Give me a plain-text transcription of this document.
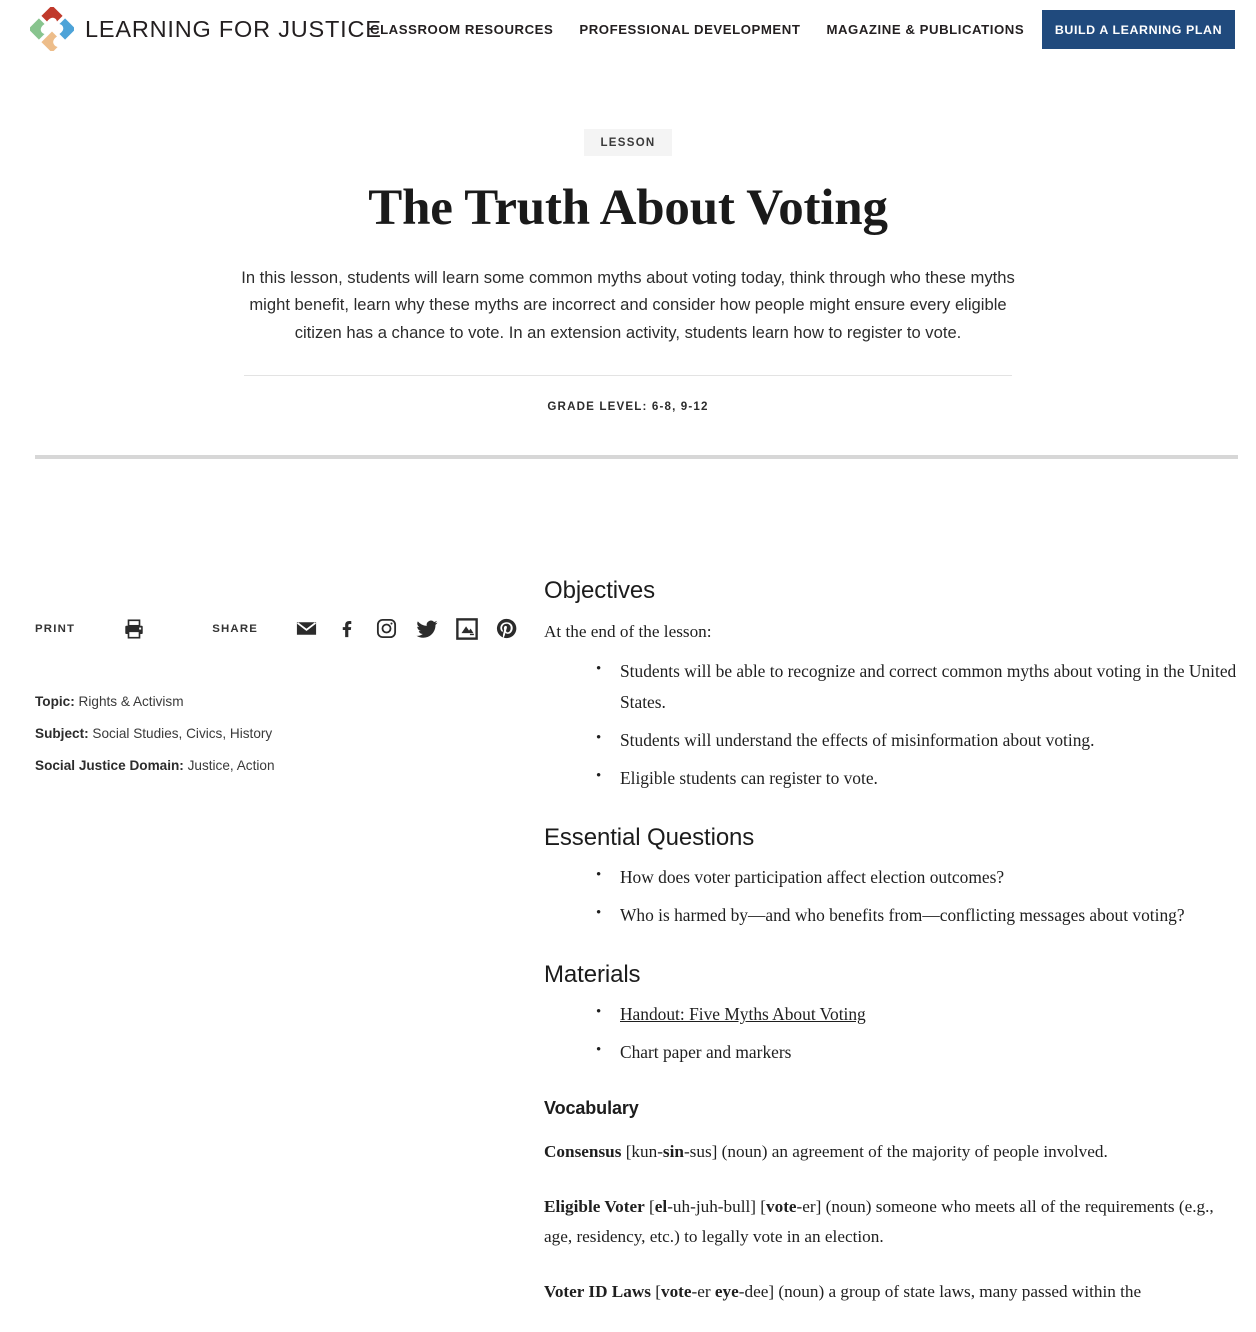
LEARNING FOR JUSTICE
CLASSROOM RESOURCES PROFESSIONAL DEVELOPMENT MAGAZINE & PUBLICATIONS	BUILD A LEARNING PLAN
LESSON
The Truth About Voting

In this lesson, students will learn some common myths about voting today, think through who these myths might benefit, learn why these myths are incorrect and consider how people might ensure every eligible citizen has a chance to vote. In an extension activity, students learn how to register to vote.

GRADE LEVEL: 6-8, 9-12
PRINT	SHARE
Topic: Rights & Activism
Subject: Social Studies, Civics, History
Social Justice Domain: Justice, Action
Objectives

At the end of the lesson:

• Students will be able to recognize and correct common myths about voting in the United States.
• Students will understand the effects of misinformation about voting.
• Eligible students can register to vote.
Essential Questions
• How does voter participation affect election outcomes?
• Who is harmed by—and who benefits from—conflicting messages about voting?
Materials
• Handout: Five Myths About Voting
• Chart paper and markers
Vocabulary

Consensus [kun-sin-sus] (noun) an agreement of the majority of people involved.

Eligible Voter [el-uh-juh-bull] [vote-er] (noun) someone who meets all of the requirements (e.g., age, residency, etc.) to legally vote in an election.

Voter ID Laws [vote-er eye-dee] (noun) a group of state laws, many passed within the
